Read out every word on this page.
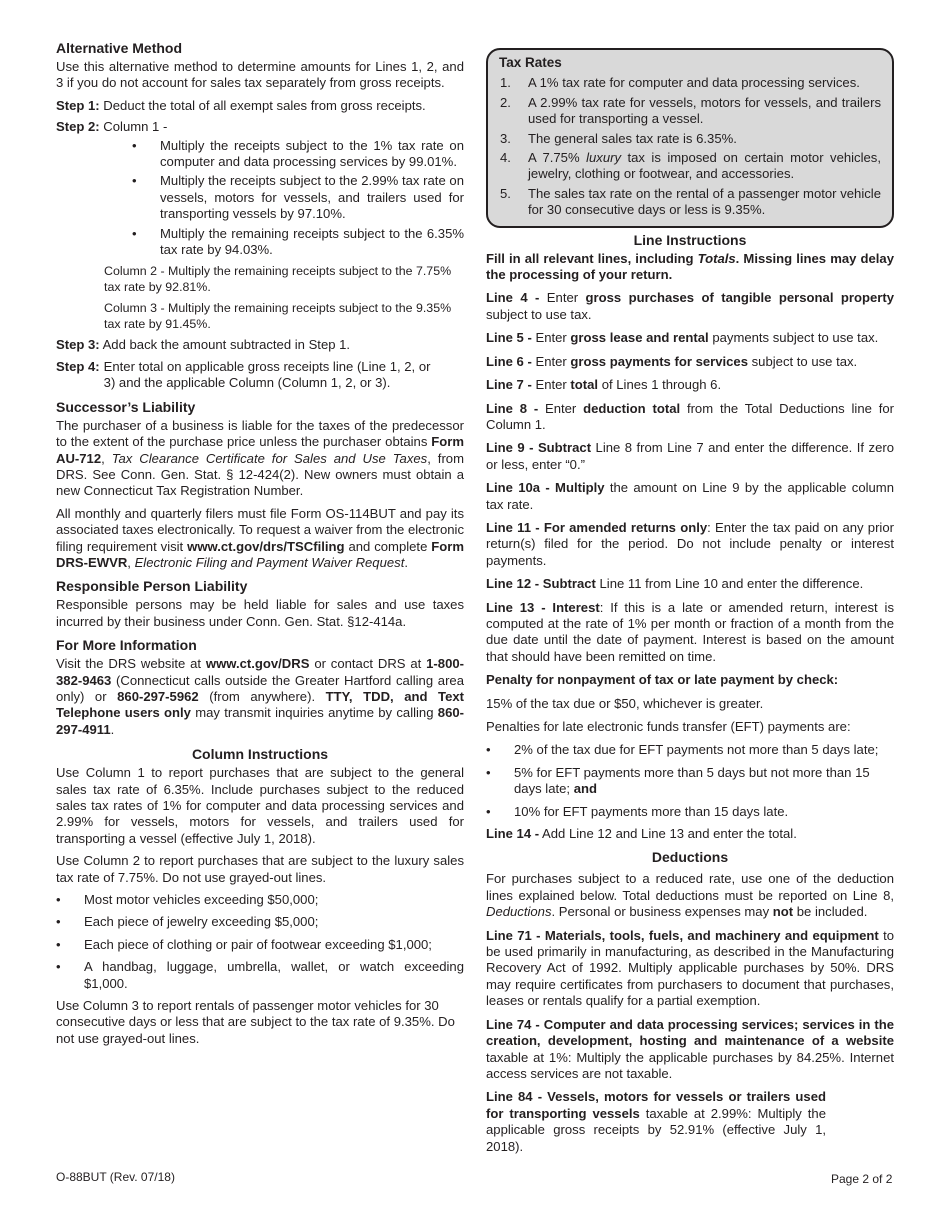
Alternative Method

Use this alternative method to determine amounts for Lines 1, 2, and 3 if you do not account for sales tax separately from gross receipts.

Step 1: Deduct the total of all exempt sales from gross receipts.
Step 2: Column 1 -
• Multiply the receipts subject to the 1% tax rate on computer and data processing services by 99.01%.
• Multiply the receipts subject to the 2.99% tax rate on vessels, motors for vessels, and trailers used for transporting vessels by 97.10%.
• Multiply the remaining receipts subject to the 6.35% tax rate by 94.03%.
Column 2 - Multiply the remaining receipts subject to the 7.75% tax rate by 92.81%.
Column 3 - Multiply the remaining receipts subject to the 9.35% tax rate by 91.45%.
Step 3: Add back the amount subtracted in Step 1.
Step 4: Enter total on applicable gross receipts line (Line 1, 2, or 3) and the applicable Column (Column 1, 2, or 3).
Successor’s Liability

The purchaser of a business is liable for the taxes of the predecessor to the extent of the purchase price unless the purchaser obtains Form AU-712, Tax Clearance Certificate for Sales and Use Taxes, from DRS. See Conn. Gen. Stat. § 12-424(2). New owners must obtain a new Connecticut Tax Registration Number.

All monthly and quarterly filers must file Form OS-114BUT and pay its associated taxes electronically. To request a waiver from the electronic filing requirement visit www.ct.gov/drs/TSCfiling and complete Form DRS-EWVR, Electronic Filing and Payment Waiver Request.

Responsible Person Liability

Responsible persons may be held liable for sales and use taxes incurred by their business under Conn. Gen. Stat. §12-414a.

For More Information

Visit the DRS website at www.ct.gov/DRS or contact DRS at 1-800-382-9463 (Connecticut calls outside the Greater Hartford calling area only) or 860-297-5962 (from anywhere). TTY, TDD, and Text Telephone users only may transmit inquiries anytime by calling 860-297-4911.

Column Instructions

Use Column 1 to report purchases that are subject to the general sales tax rate of 6.35%. Include purchases subject to the reduced sales tax rates of 1% for computer and data processing services and 2.99% for vessels, motors for vessels, and trailers used for transporting a vessel (effective July 1, 2018).

Use Column 2 to report purchases that are subject to the luxury sales tax rate of 7.75%. Do not use grayed-out lines.

• Most motor vehicles exceeding $50,000;
• Each piece of jewelry exceeding $5,000;
• Each piece of clothing or pair of footwear exceeding $1,000;
• A handbag, luggage, umbrella, wallet, or watch exceeding $1,000.

Use Column 3 to report rentals of passenger motor vehicles for 30 consecutive days or less that are subject to the tax rate of 9.35%. Do not use grayed-out lines.

Tax Rates
1. A 1% tax rate for computer and data processing services.
2. A 2.99% tax rate for vessels, motors for vessels, and trailers used for transporting a vessel.
3. The general sales tax rate is 6.35%.
4. A 7.75% luxury tax is imposed on certain motor vehicles, jewelry, clothing or footwear, and accessories.
5. The sales tax rate on the rental of a passenger motor vehicle for 30 consecutive days or less is 9.35%.
Line Instructions

Fill in all relevant lines, including Totals. Missing lines may delay the processing of your return.

Line 4 - Enter gross purchases of tangible personal property subject to use tax.

Line 5 - Enter gross lease and rental payments subject to use tax.

Line 6 - Enter gross payments for services subject to use tax.

Line 7 - Enter total of Lines 1 through 6.

Line 8 - Enter deduction total from the Total Deductions line for Column 1.

Line 9 - Subtract Line 8 from Line 7 and enter the difference. If zero or less, enter “0.”

Line 10a - Multiply the amount on Line 9 by the applicable column tax rate.

Line 11 - For amended returns only: Enter the tax paid on any prior return(s) filed for the period. Do not include penalty or interest payments.

Line 12 - Subtract Line 11 from Line 10 and enter the difference.

Line 13 - Interest: If this is a late or amended return, interest is computed at the rate of 1% per month or fraction of a month from the due date until the date of payment. Interest is based on the amount that should have been remitted on time.

Penalty for nonpayment of tax or late payment by check:

15% of the tax due or $50, whichever is greater.

Penalties for late electronic funds transfer (EFT) payments are:

• 2% of the tax due for EFT payments not more than 5 days late;
• 5% for EFT payments more than 5 days but not more than 15 days late; and
• 10% for EFT payments more than 15 days late.

Line 14 - Add Line 12 and Line 13 and enter the total.

Deductions

For purchases subject to a reduced rate, use one of the deduction lines explained below. Total deductions must be reported on Line 8, Deductions. Personal or business expenses may not be included.

Line 71 - Materials, tools, fuels, and machinery and equipment to be used primarily in manufacturing, as described in the Manufacturing Recovery Act of 1992. Multiply applicable purchases by 50%. DRS may require certificates from purchasers to document that purchases, leases or rentals qualify for a partial exemption.

Line 74 - Computer and data processing services; services in the creation, development, hosting and maintenance of a website taxable at 1%: Multiply the applicable purchases by 84.25%. Internet access services are not taxable.

Line 84 - Vessels, motors for vessels or trailers used for transporting vessels taxable at 2.99%: Multiply the applicable gross receipts by 52.91% (effective July 1, 2018).

O-88BUT (Rev. 07/18)	Page 2 of 2
